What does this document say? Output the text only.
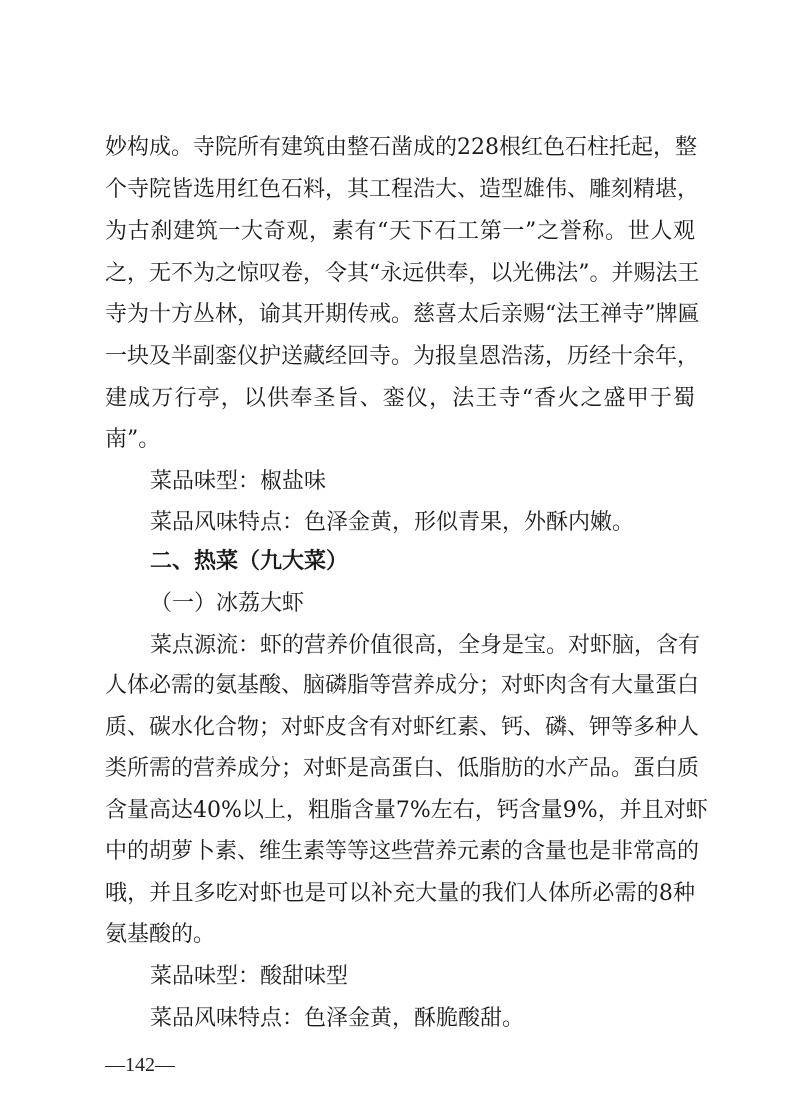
妙构成。寺院所有建筑由整石凿成的228根红色石柱托起，整
个寺院皆选用红色石料，其工程浩大、造型雄伟、雕刻精堪，
为古刹建筑一大奇观，素有“天下石工第一”之誉称。世人观
之，无不为之惊叹卷，令其“永远供奉，以光佛法”。并赐法王
寺为十方丛林，谕其开期传戒。慈喜太后亲赐“法王禅寺”牌匾
一块及半副銮仪护送藏经回寺。为报皇恩浩荡，历经十余年，
建成万行亭，以供奉圣旨、銮仪，法王寺“香火之盛甲于蜀
南”。
菜品味型：椒盐味
菜品风味特点：色泽金黄，形似青果，外酥内嫩。
二、热菜（九大菜）
（一）冰荔大虾
菜点源流：虾的营养价值很高，全身是宝。对虾脑，含有
人体必需的氨基酸、脑磷脂等营养成分；对虾肉含有大量蛋白
质、碳水化合物；对虾皮含有对虾红素、钙、磷、钾等多种人
类所需的营养成分；对虾是高蛋白、低脂肪的水产品。蛋白质
含量高达40%以上，粗脂含量7%左右，钙含量9%，并且对虾
中的胡萝卜素、维生素等等这些营养元素的含量也是非常高的
哦，并且多吃对虾也是可以补充大量的我们人体所必需的8种
氨基酸的。
菜品味型：酸甜味型
菜品风味特点：色泽金黄，酥脆酸甜。
—142—
